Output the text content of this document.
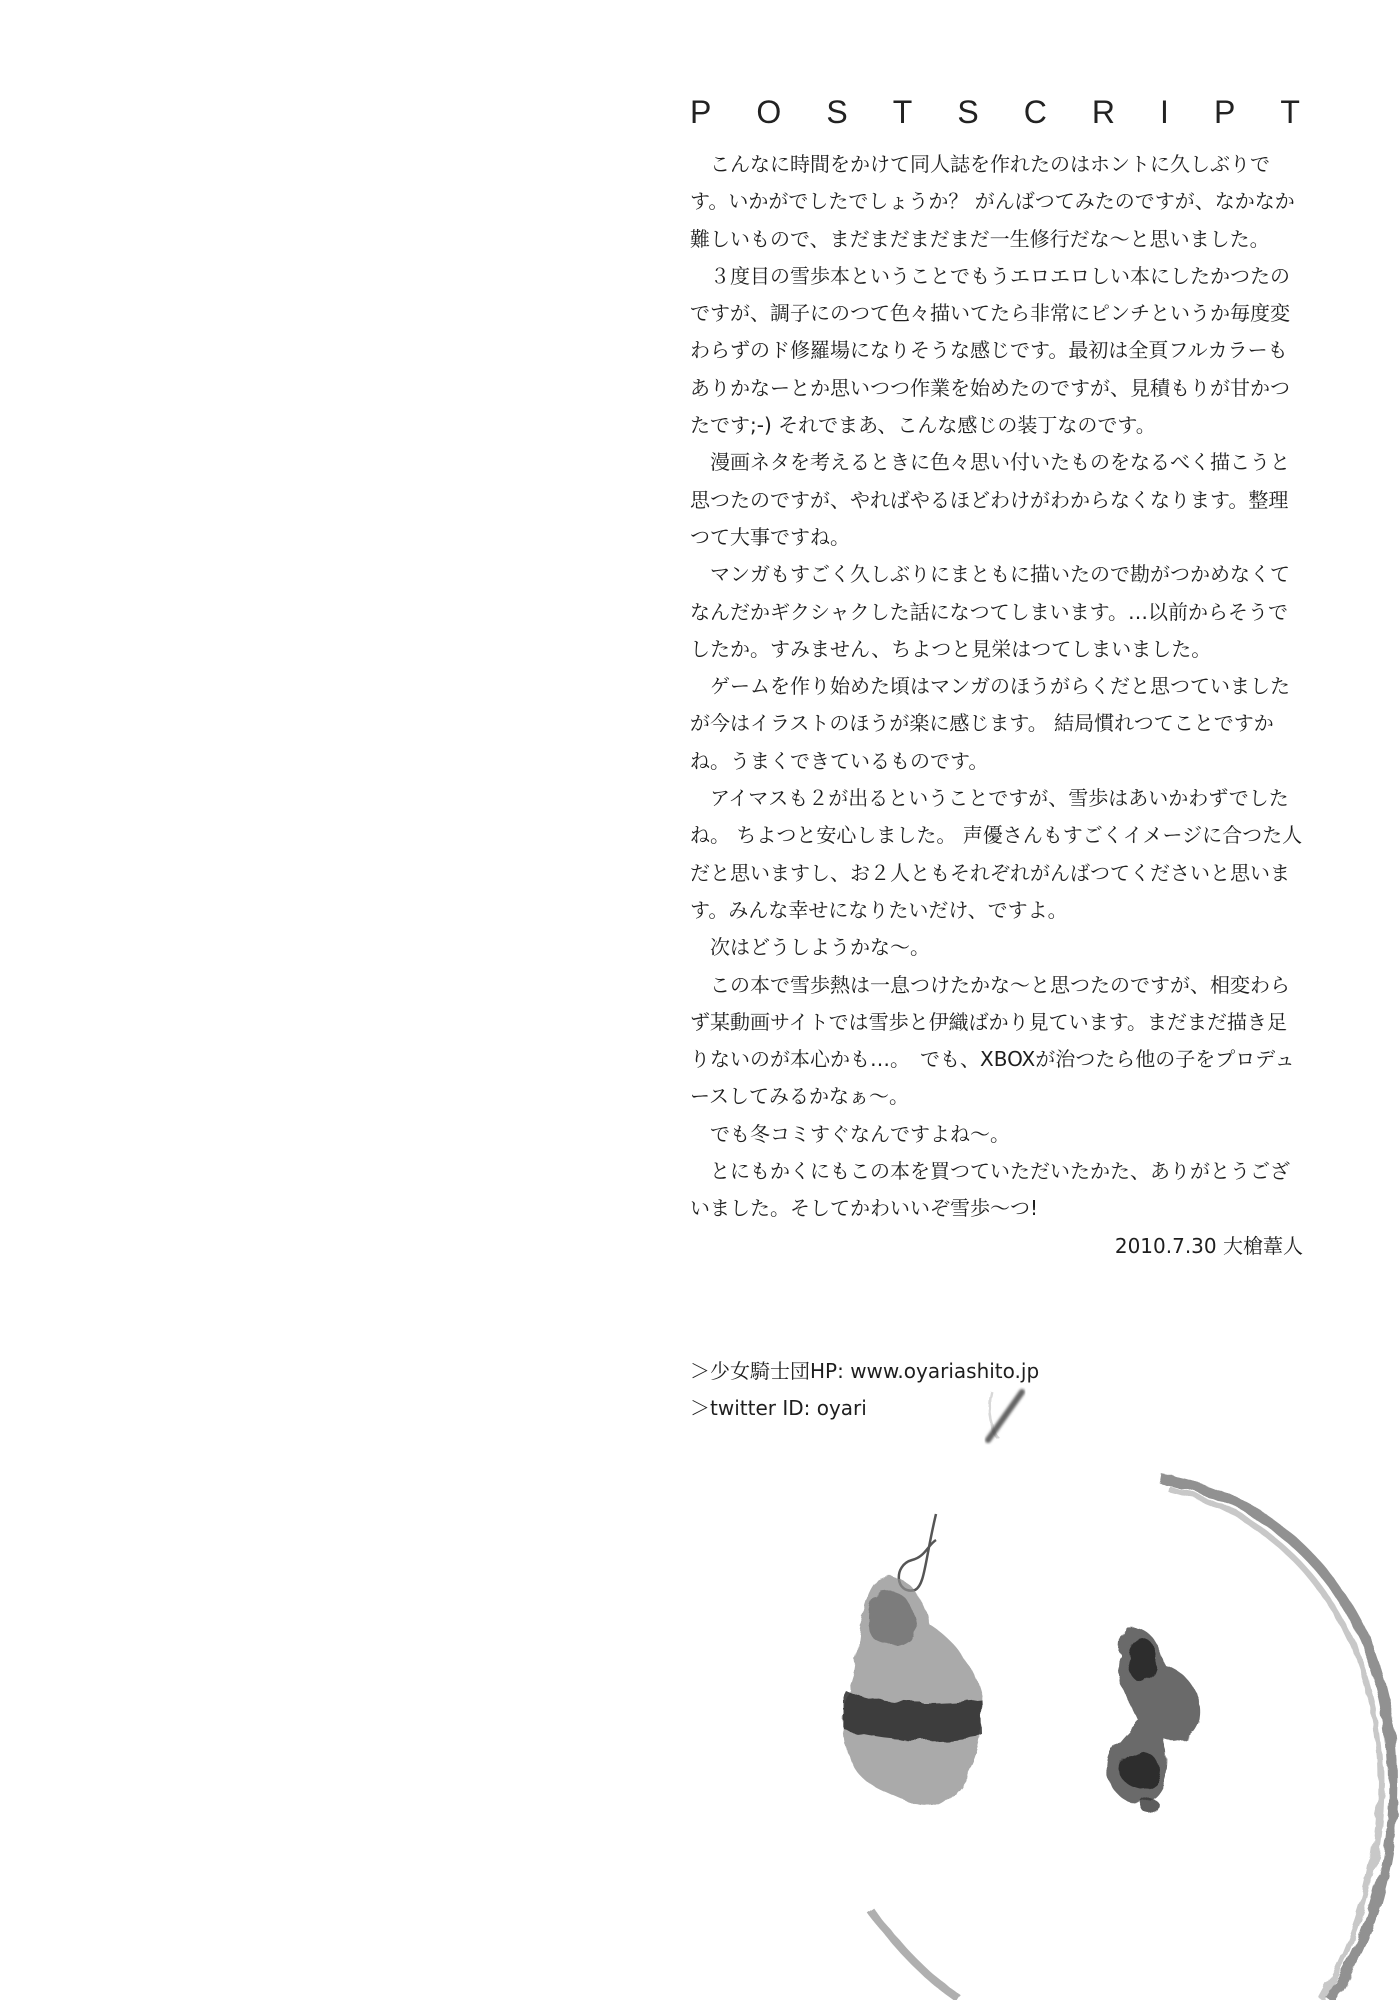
P O S T S C R I P T

こんなに時間をかけて同人誌を作れたのはホントに久しぶりです。いかがでしたでしょうか？ がんばつてみたのですが、なかなか難しいもので、まだまだまだまだ一生修行だな〜と思いました。

３度目の雪歩本ということでもうエロエロしい本にしたかつたのですが、調子にのつて色々描いてたら非常にピンチというか毎度変わらずのド修羅場になりそうな感じです。最初は全頁フルカラーもありかなーとか思いつつ作業を始めたのですが、見積もりが甘かつたです;-) それでまあ、こんな感じの装丁なのです。

漫画ネタを考えるときに色々思い付いたものをなるべく描こうと思つたのですが、やればやるほどわけがわからなくなります。整理つて大事ですね。

マンガもすごく久しぶりにまともに描いたので勘がつかめなくてなんだかギクシャクした話になつてしまいます。…以前からそうでしたか。すみません、ちよつと見栄はつてしまいました。

ゲームを作り始めた頃はマンガのほうがらくだと思つていましたが今はイラストのほうが楽に感じます。 結局慣れつてことですかね。うまくできているものです。

アイマスも２が出るということですが、雪歩はあいかわずでしたね。 ちよつと安心しました。 声優さんもすごくイメージに合つた人だと思いますし、お２人ともそれぞれがんばつてくださいと思います。みんな幸せになりたいだけ、ですよ。

次はどうしようかな〜。

この本で雪歩熱は一息つけたかな〜と思つたのですが、相変わらず某動画サイトでは雪歩と伊織ばかり見ています。まだまだ描き足りないのが本心かも…。　でも、XBOXが治つたら他の子をプロデュースしてみるかなぁ〜。

でも冬コミすぐなんですよね〜。

とにもかくにもこの本を買つていただいたかた、ありがとうございました。そしてかわいいぞ雪歩〜つ!

2010.7.30 大槍葦人

＞少女騎士団HP: www.oyariashito.jp
＞twitter ID: oyari
